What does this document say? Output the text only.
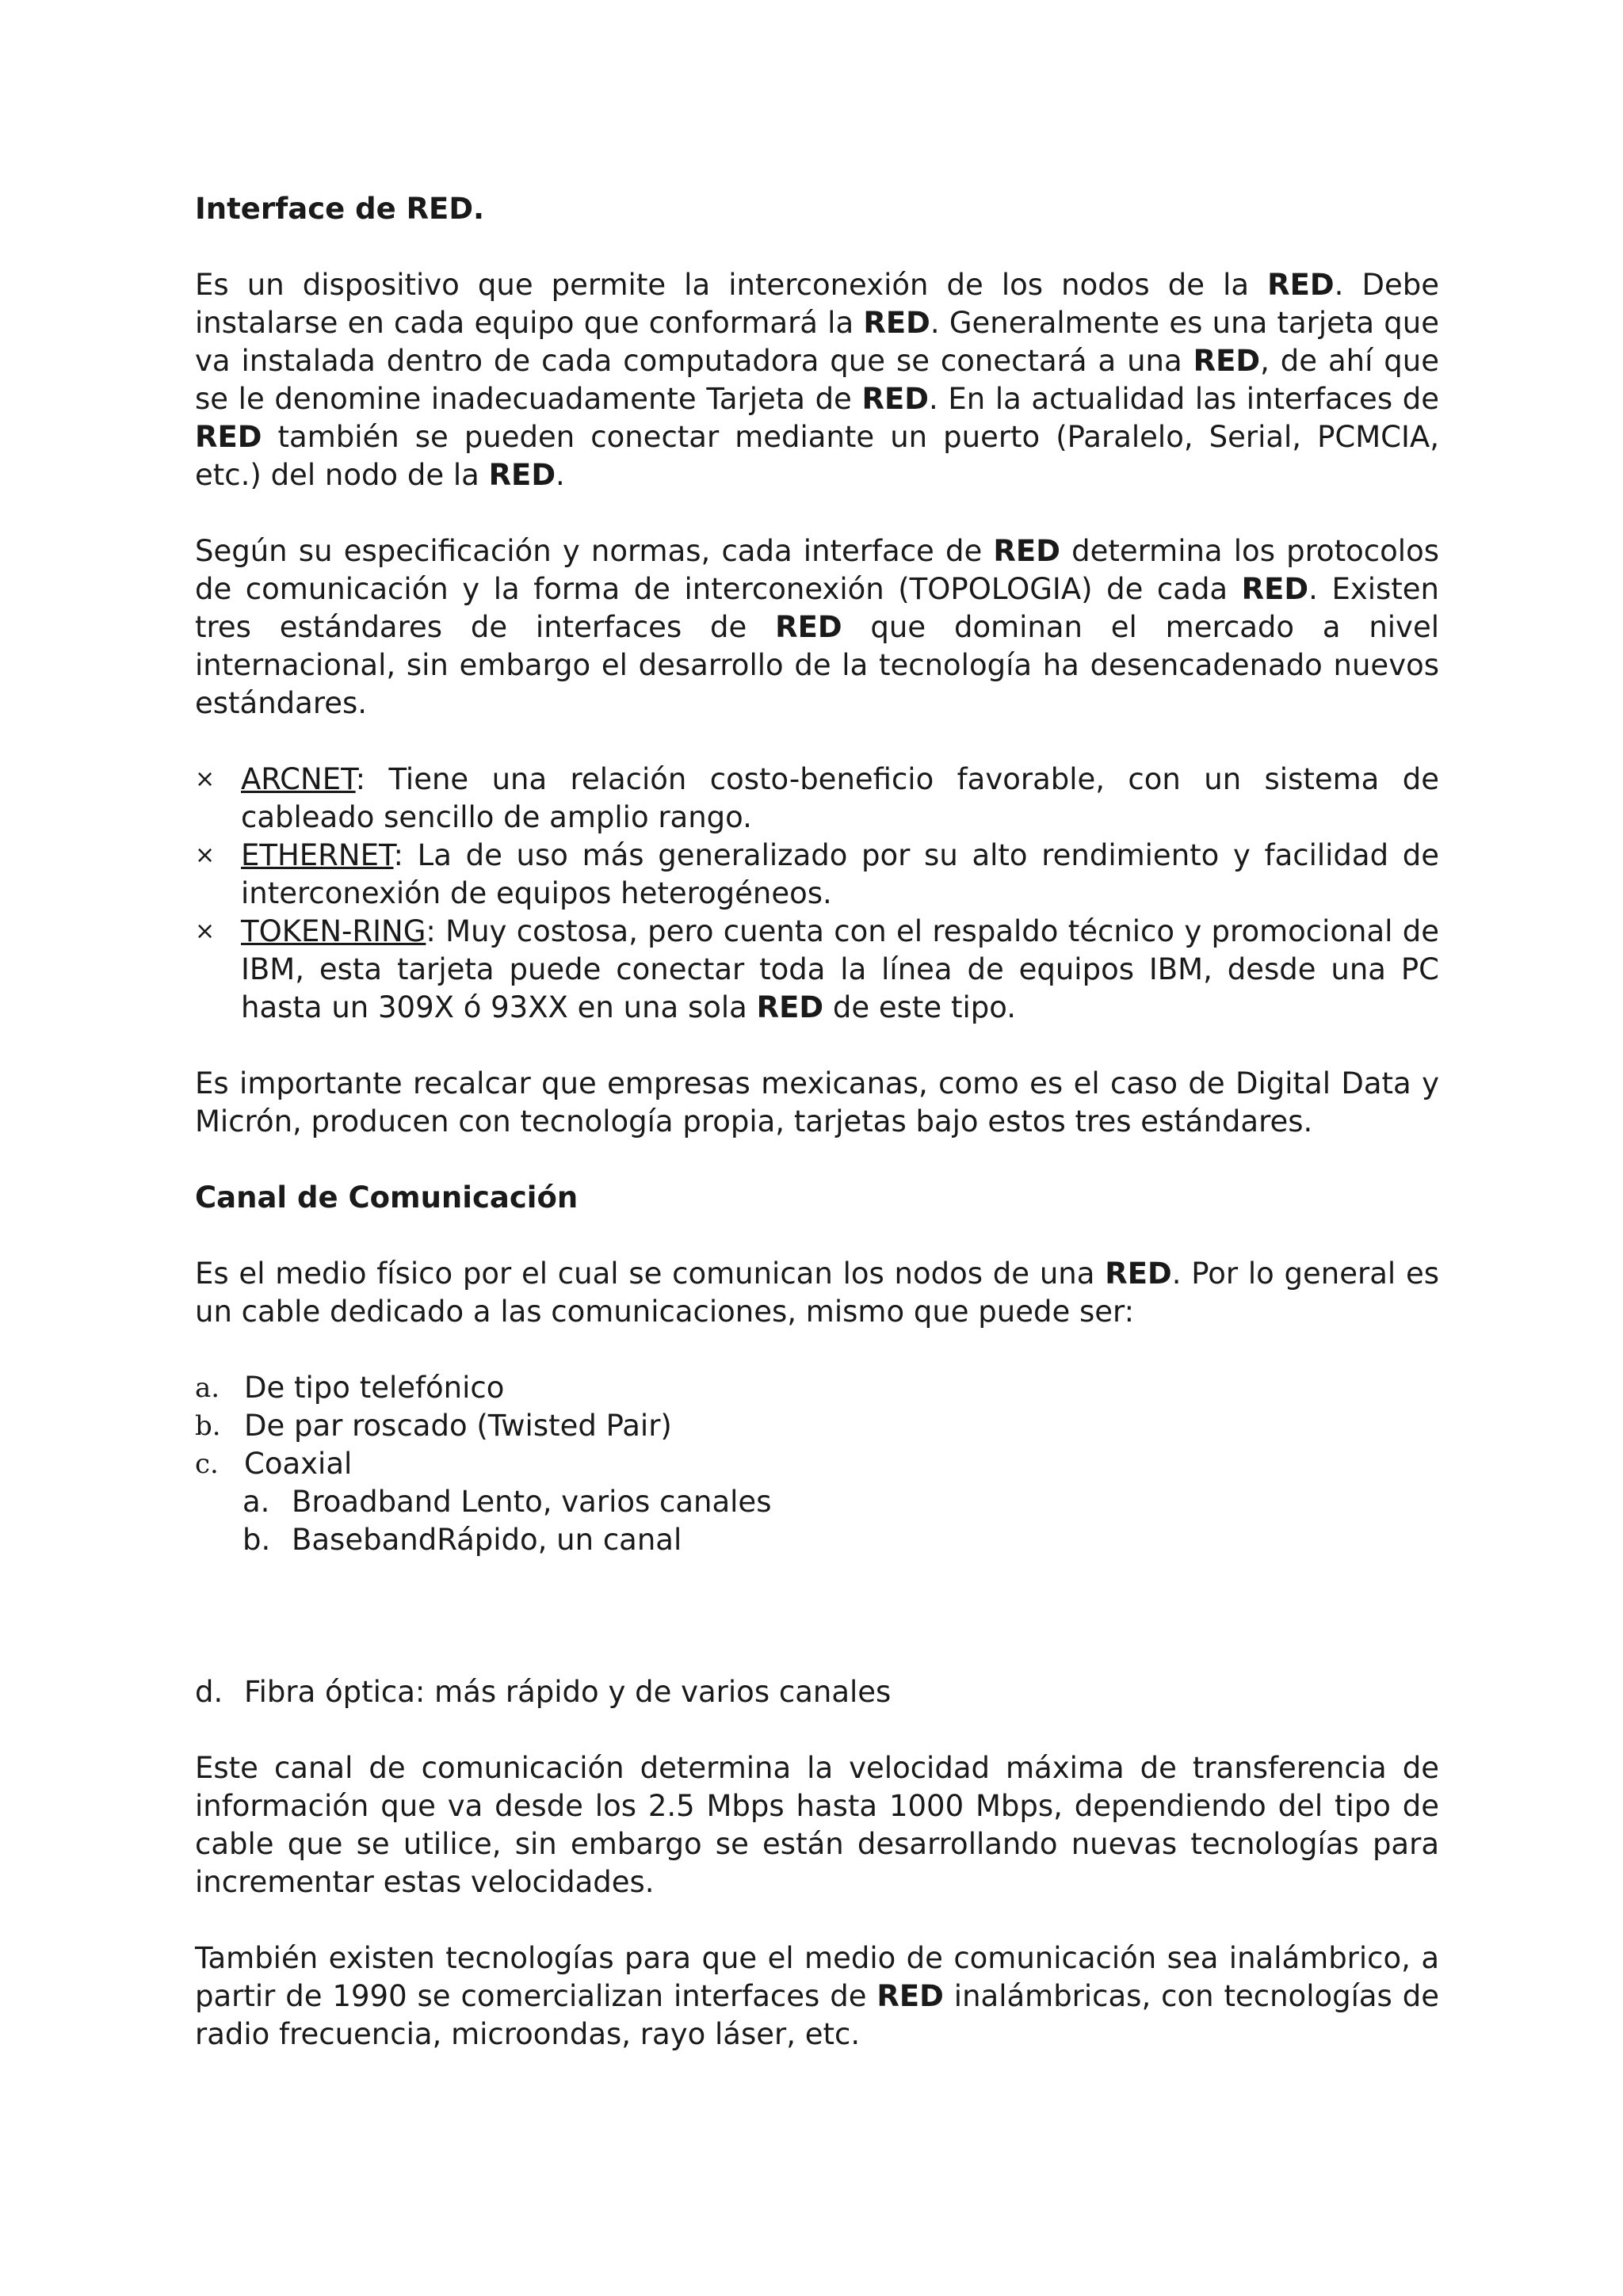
Interface de RED.

Es un dispositivo que permite la interconexión de los nodos de la RED. Debe instalarse en cada equipo que conformará la RED. Generalmente es una tarjeta que va instalada dentro de cada computadora que se conectará a una RED, de ahí que se le denomine inadecuadamente Tarjeta de RED. En la actualidad las interfaces de RED también se pueden conectar mediante un puerto (Paralelo, Serial, PCMCIA, etc.) del nodo de la RED.

Según su especificación y normas, cada interface de RED determina los protocolos de comunicación y la forma de interconexión (TOPOLOGIA) de cada RED. Existen tres estándares de interfaces de RED que dominan el mercado a nivel internacional, sin embargo el desarrollo de la tecnología ha desencadenado nuevos estándares.

× ARCNET: Tiene una relación costo-beneficio favorable, con un sistema de cableado sencillo de amplio rango.
× ETHERNET: La de uso más generalizado por su alto rendimiento y facilidad de interconexión de equipos heterogéneos.
× TOKEN-RING: Muy costosa, pero cuenta con el respaldo técnico y promocional de IBM, esta tarjeta puede conectar toda la línea de equipos IBM, desde una PC hasta un 309X ó 93XX en una sola RED de este tipo.

Es importante recalcar que empresas mexicanas, como es el caso de Digital Data y Micrón, producen con tecnología propia, tarjetas bajo estos tres estándares.

Canal de Comunicación

Es el medio físico por el cual se comunican los nodos de una RED. Por lo general es un cable dedicado a las comunicaciones, mismo que puede ser:

a. De tipo telefónico
b. De par roscado (Twisted Pair)
c. Coaxial
a. Broadband Lento, varios canales
b. BasebandRápido, un canal
d. Fibra óptica: más rápido y de varios canales

Este canal de comunicación determina la velocidad máxima de transferencia de información que va desde los 2.5 Mbps hasta 1000 Mbps, dependiendo del tipo de cable que se utilice, sin embargo se están desarrollando nuevas tecnologías para incrementar estas velocidades.

También existen tecnologías para que el medio de comunicación sea inalámbrico, a partir de 1990 se comercializan interfaces de RED inalámbricas, con tecnologías de radio frecuencia, microondas, rayo láser, etc.
